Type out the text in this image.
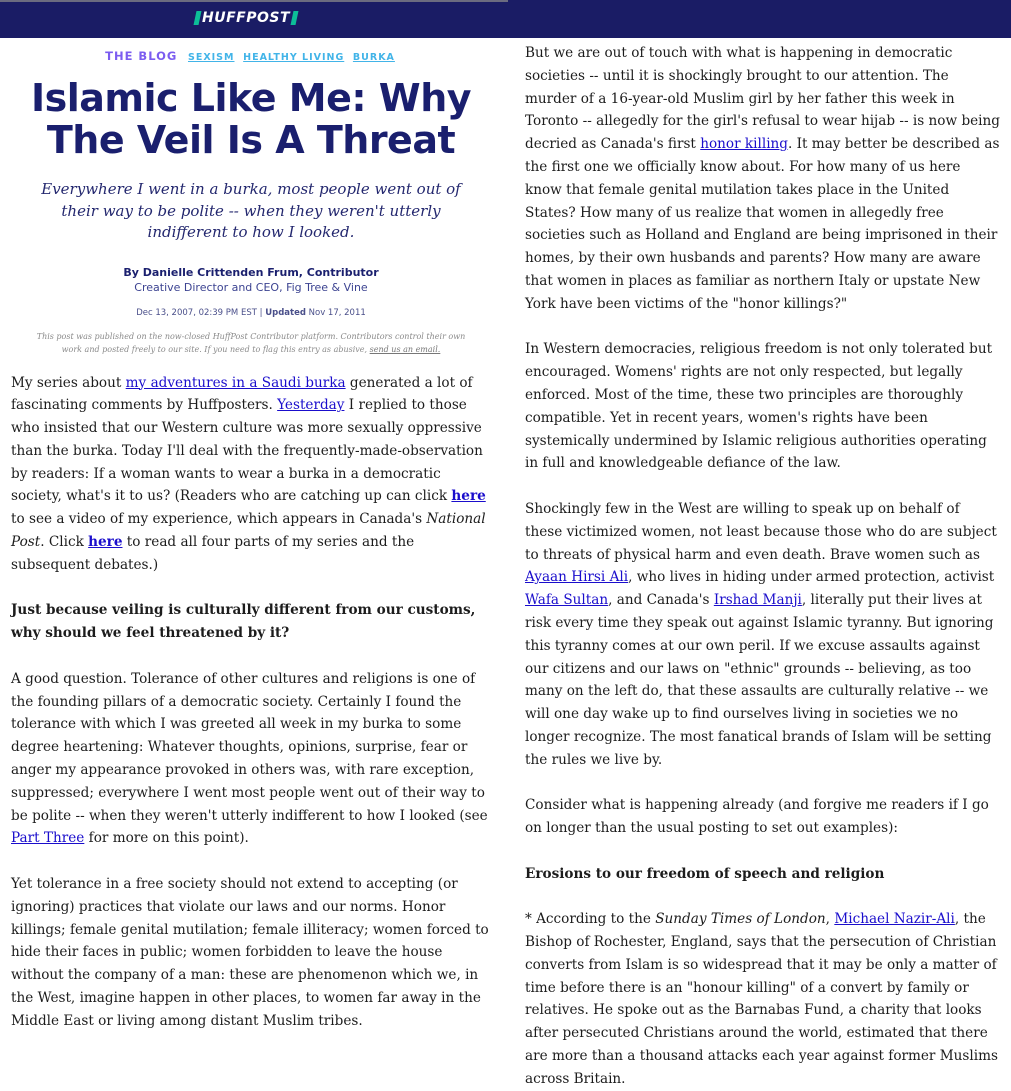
HUFFPOST
THE BLOG SEXISM HEALTHY LIVING BURKA
Islamic Like Me: Why The Veil Is A Threat
Everywhere I went in a burka, most people went out of their way to be polite -- when they weren't utterly indifferent to how I looked.
By Danielle Crittenden Frum, Contributor
Creative Director and CEO, Fig Tree & Vine
Dec 13, 2007, 02:39 PM EST | Updated Nov 17, 2011
This post was published on the now-closed HuffPost Contributor platform. Contributors control their own work and posted freely to our site. If you need to flag this entry as abusive, send us an email.

My series about my adventures in a Saudi burka generated a lot of fascinating comments by Huffposters. Yesterday I replied to those who insisted that our Western culture was more sexually oppressive than the burka. Today I'll deal with the frequently-made-observation by readers: If a woman wants to wear a burka in a democratic society, what's it to us? (Readers who are catching up can click here to see a video of my experience, which appears in Canada's National Post. Click here to read all four parts of my series and the subsequent debates.)

Just because veiling is culturally different from our customs, why should we feel threatened by it?

A good question. Tolerance of other cultures and religions is one of the founding pillars of a democratic society. Certainly I found the tolerance with which I was greeted all week in my burka to some degree heartening: Whatever thoughts, opinions, surprise, fear or anger my appearance provoked in others was, with rare exception, suppressed; everywhere I went most people went out of their way to be polite -- when they weren't utterly indifferent to how I looked (see Part Three for more on this point).

Yet tolerance in a free society should not extend to accepting (or ignoring) practices that violate our laws and our norms. Honor killings; female genital mutilation; female illiteracy; women forced to hide their faces in public; women forbidden to leave the house without the company of a man: these are phenomenon which we, in the West, imagine happen in other places, to women far away in the Middle East or living among distant Muslim tribes.

But we are out of touch with what is happening in democratic societies -- until it is shockingly brought to our attention. The murder of a 16-year-old Muslim girl by her father this week in Toronto -- allegedly for the girl's refusal to wear hijab -- is now being decried as Canada's first honor killing. It may better be described as the first one we officially know about. For how many of us here know that female genital mutilation takes place in the United States? How many of us realize that women in allegedly free societies such as Holland and England are being imprisoned in their homes, by their own husbands and parents? How many are aware that women in places as familiar as northern Italy or upstate New York have been victims of the "honor killings?"

In Western democracies, religious freedom is not only tolerated but encouraged. Womens' rights are not only respected, but legally enforced. Most of the time, these two principles are thoroughly compatible. Yet in recent years, women's rights have been systemically undermined by Islamic religious authorities operating in full and knowledgeable defiance of the law.

Shockingly few in the West are willing to speak up on behalf of these victimized women, not least because those who do are subject to threats of physical harm and even death. Brave women such as Ayaan Hirsi Ali, who lives in hiding under armed protection, activist Wafa Sultan, and Canada's Irshad Manji, literally put their lives at risk every time they speak out against Islamic tyranny. But ignoring this tyranny comes at our own peril. If we excuse assaults against our citizens and our laws on "ethnic" grounds -- believing, as too many on the left do, that these assaults are culturally relative -- we will one day wake up to find ourselves living in societies we no longer recognize. The most fanatical brands of Islam will be setting the rules we live by.

Consider what is happening already (and forgive me readers if I go on longer than the usual posting to set out examples):

Erosions to our freedom of speech and religion

* According to the Sunday Times of London, Michael Nazir-Ali, the Bishop of Rochester, England, says that the persecution of Christian converts from Islam is so widespread that it may be only a matter of time before there is an "honour killing" of a convert by family or relatives. He spoke out as the Barnabas Fund, a charity that looks after persecuted Christians around the world, estimated that there are more than a thousand attacks each year against former Muslims across Britain.
